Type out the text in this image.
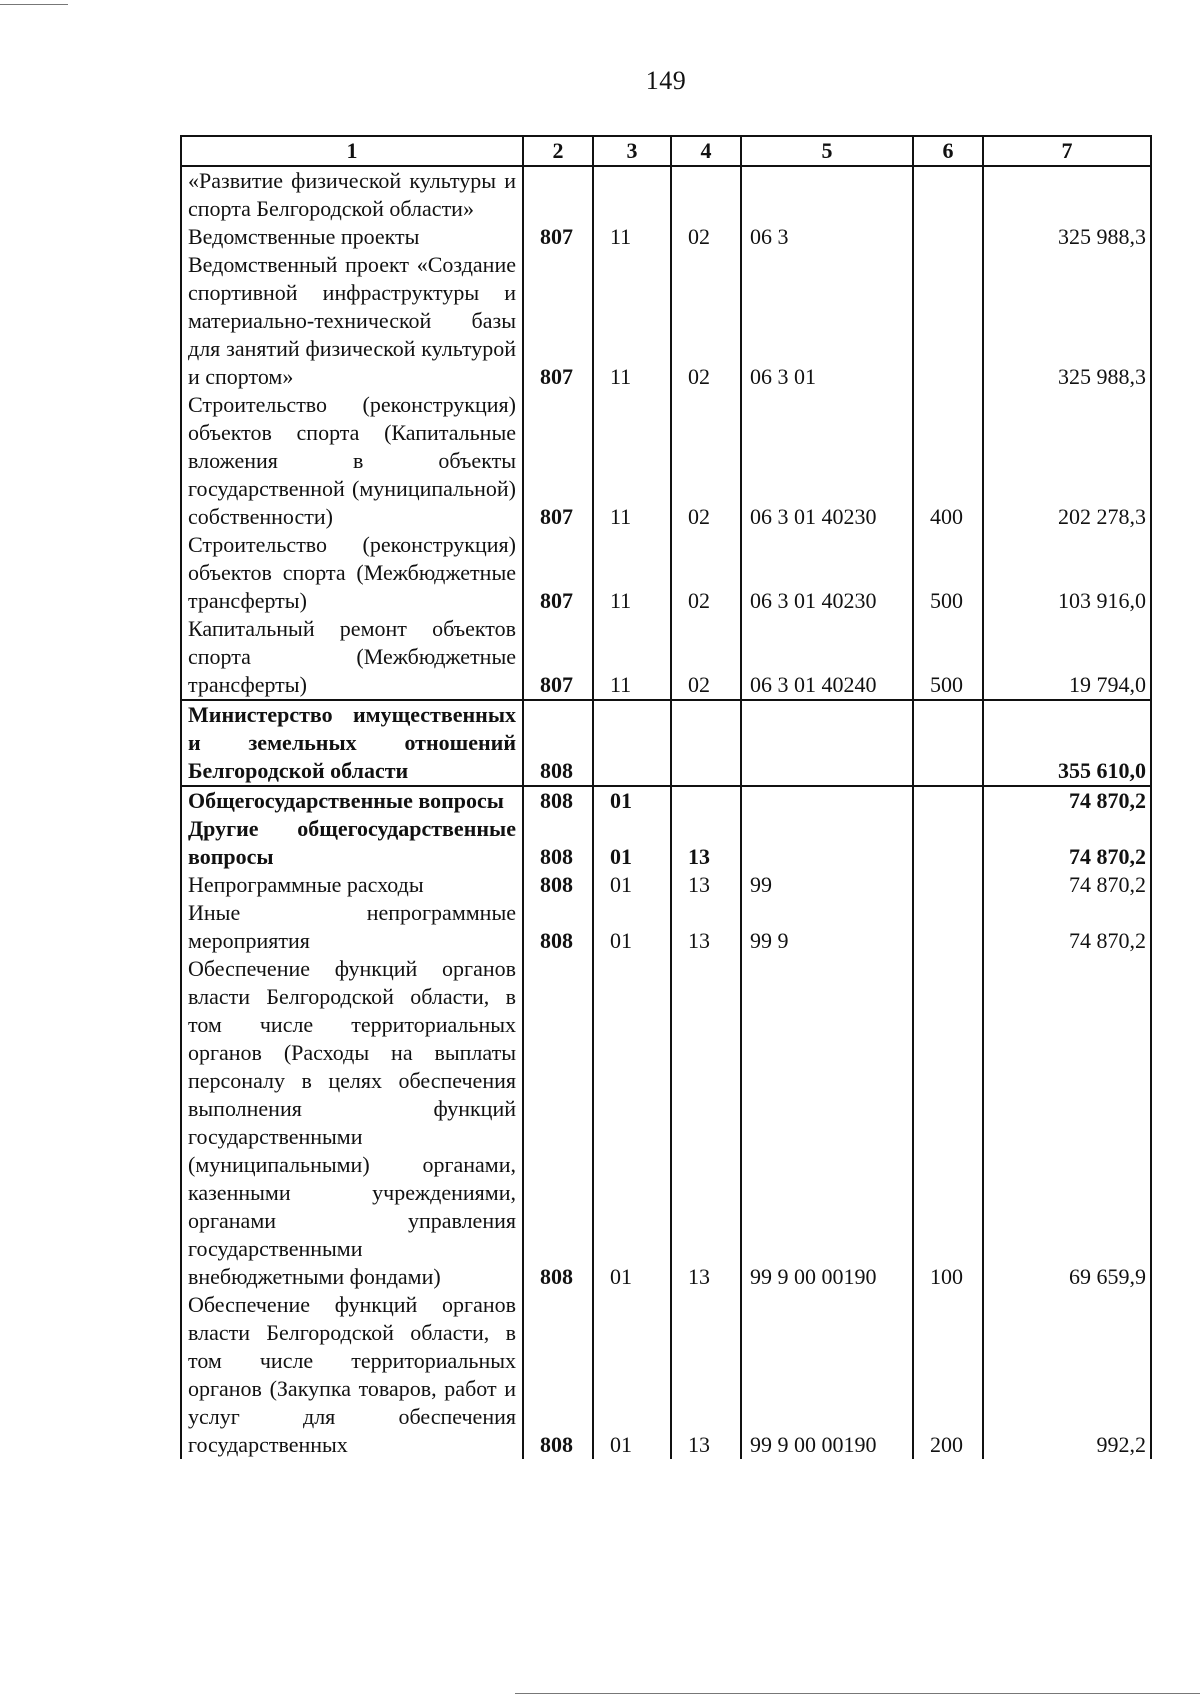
149
1	2	3	4	5	6	7
«Развитие физической культуры и спорта Белгородской области»						
Ведомственные проекты	807	11	02	06 3		325 988,3
Ведомственный проект «Создание спортивной инфраструктуры и материально-технической базы для занятий физической культурой и спортом»	807	11	02	06 3 01		325 988,3
Строительство (реконструкция) объектов спорта (Капитальные вложения в объекты государственной (муниципальной) собственности)	807	11	02	06 3 01 40230	400	202 278,3
Строительство (реконструкция) объектов спорта (Межбюджетные трансферты)	807	11	02	06 3 01 40230	500	103 916,0
Капитальный ремонт объектов спорта (Межбюджетные трансферты)	807	11	02	06 3 01 40240	500	19 794,0
Министерство имущественных и земельных отношений Белгородской области	808					355 610,0
Общегосударственные вопросы	808	01				74 870,2
Другие общегосударственные вопросы	808	01	13			74 870,2
Непрограммные расходы	808	01	13	99		74 870,2
Иные непрограммные мероприятия	808	01	13	99 9		74 870,2
Обеспечение функций органов власти Белгородской области, в том числе территориальных органов (Расходы на выплаты персоналу в целях обеспечения выполнения функций государственными (муниципальными) органами, казенными учреждениями, органами управления государственными внебюджетными фондами)	808	01	13	99 9 00 00190	100	69 659,9
Обеспечение функций органов власти Белгородской области, в том числе территориальных органов (Закупка товаров, работ и услуг для обеспечения государственных	808	01	13	99 9 00 00190	200	992,2
